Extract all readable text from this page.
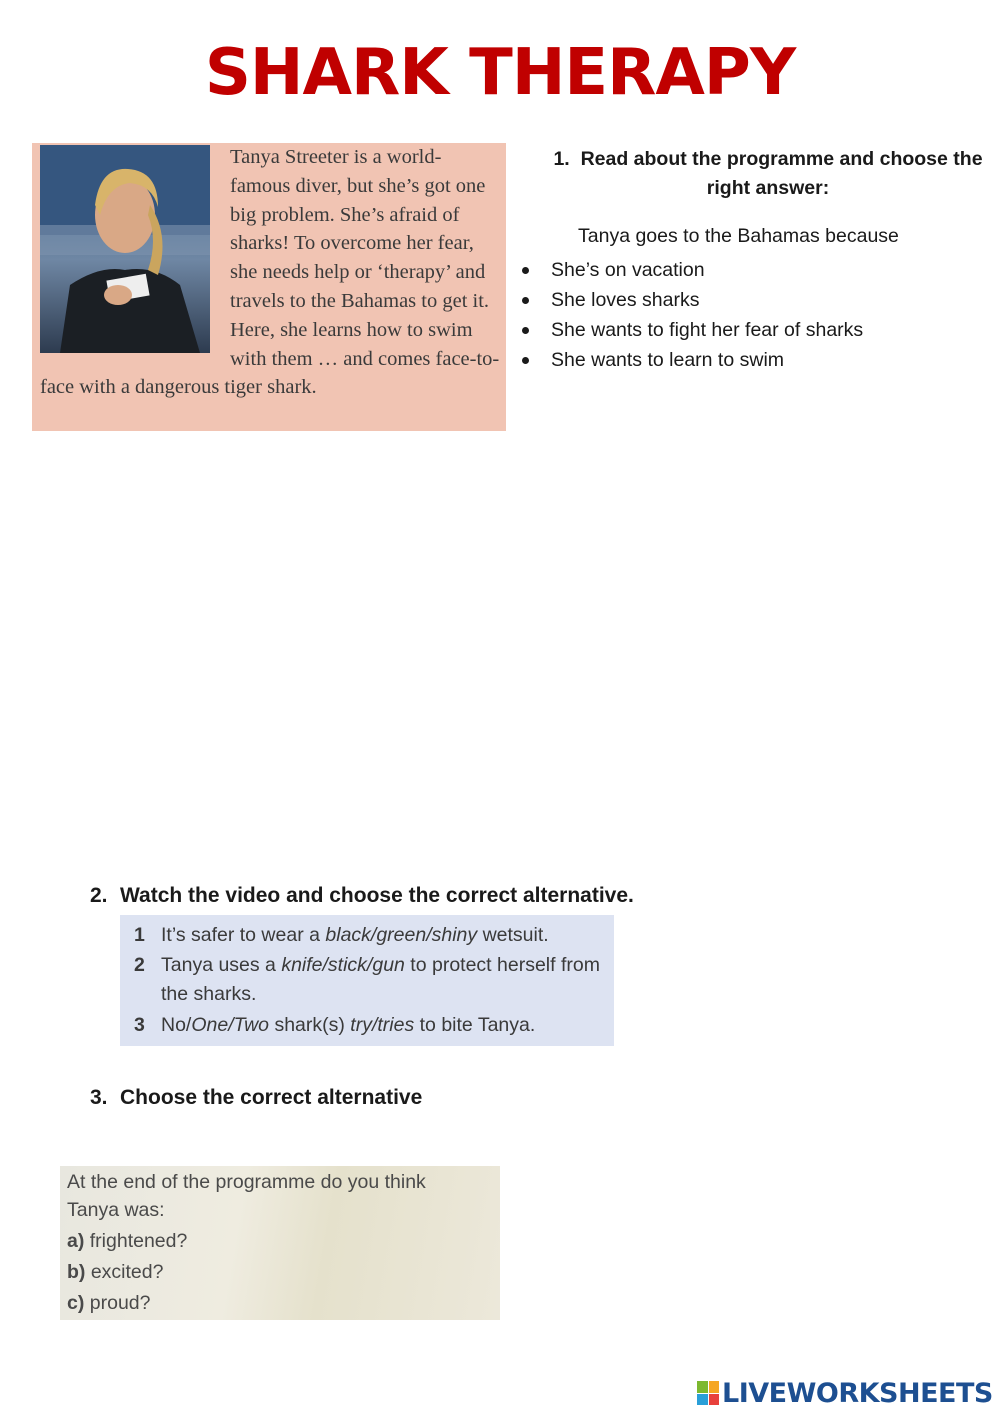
SHARK THERAPY
Tanya Streeter is a world-famous diver, but she’s got one big problem. She’s afraid of sharks! To overcome her fear, she needs help or ‘therapy’ and travels to the Bahamas to get it. Here, she learns how to swim with them … and comes face-to-face with a dangerous tiger shark.
1. Read about the programme and choose the right answer:
Tanya goes to the Bahamas because
She’s on vacation
She loves sharks
She wants to fight her fear of sharks
She wants to learn to swim
2. Watch the video and choose the correct alternative.
1 It’s safer to wear a black/green/shiny wetsuit.
2 Tanya uses a knife/stick/gun to protect herself from the sharks.
3 No/One/Two shark(s) try/tries to bite Tanya.
3. Choose the correct alternative
At the end of the programme do you think
Tanya was:
a) frightened?
b) excited?
c) proud?
LIVEWORKSHEETS
